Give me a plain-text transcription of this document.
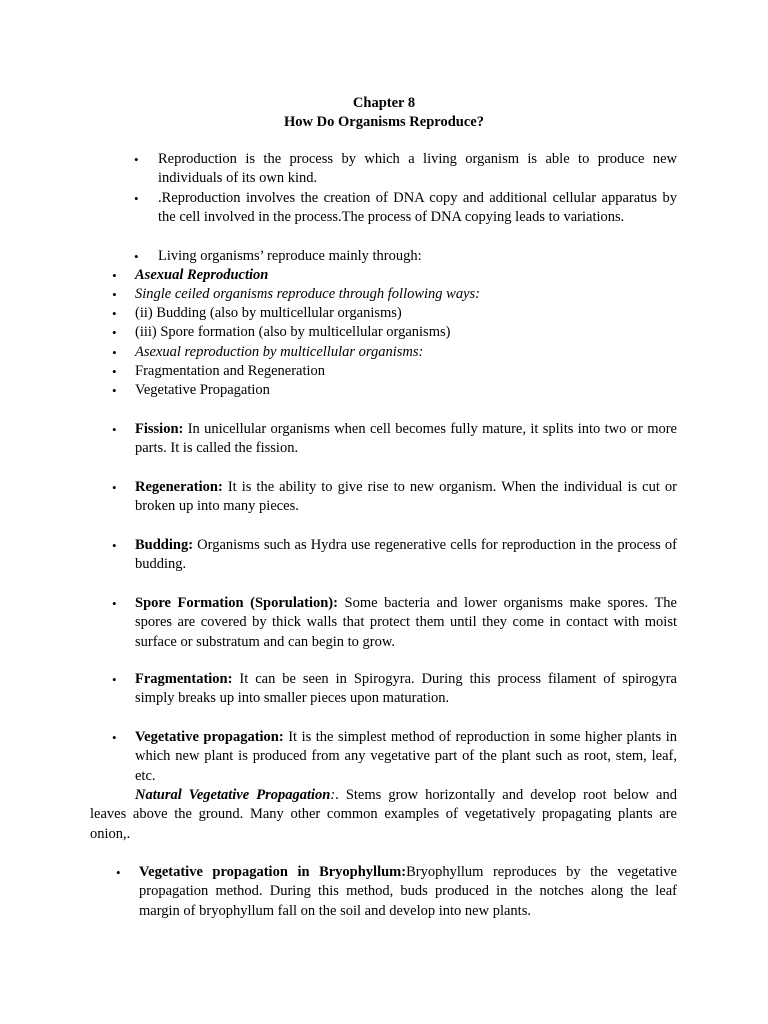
Chapter 8
How Do Organisms Reproduce?
• Reproduction is the process by which a living organism is able to produce new individuals of its own kind.
• .Reproduction involves the creation of DNA copy and additional cellular apparatus by the cell involved in the process.The process of DNA copying leads to variations.
• Living organisms’ reproduce mainly through:
• Asexual Reproduction
• Single ceiled organisms reproduce through following ways:
• (ii) Budding (also by multicellular organisms)
• (iii) Spore formation (also by multicellular organisms)
• Asexual reproduction by multicellular organisms:
• Fragmentation and Regeneration
• Vegetative Propagation
• Fission: In unicellular organisms when cell becomes fully mature, it splits into two or more parts. It is called the fission.
• Regeneration: It is the ability to give rise to new organism. When the individual is cut or broken up into many pieces.
• Budding: Organisms such as Hydra use regenerative cells for reproduction in the process of budding.
• Spore Formation (Sporulation): Some bacteria and lower organisms make spores. The spores are covered by thick walls that protect them until they come in contact with moist surface or substratum and can begin to grow.
• Fragmentation: It can be seen in Spirogyra. During this process filament of spirogyra simply breaks up into smaller pieces upon maturation.
• Vegetative propagation: It is the simplest method of reproduction in some higher plants in which new plant is produced from any vegetative part of the plant such as root, stem, leaf, etc.
Natural Vegetative Propagation:. Stems grow horizontally and develop root below and leaves above the ground. Many other common examples of vegetatively propagating plants are onion,.
• Vegetative propagation in Bryophyllum:Bryophyllum reproduces by the vegetative propagation method. During this method, buds produced in the notches along the leaf margin of bryophyllum fall on the soil and develop into new plants.
